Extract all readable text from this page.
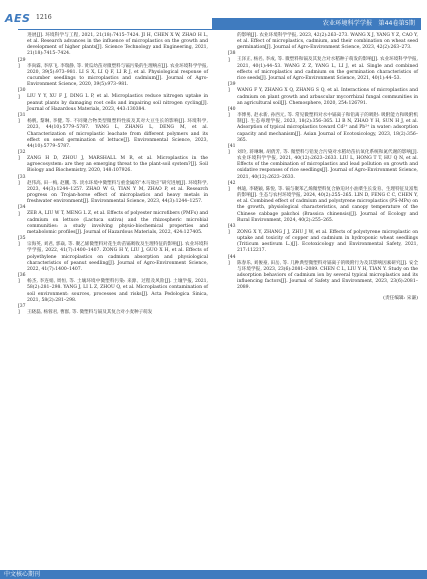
AES 1216
农业环境科学学报　第44卷第5期

进展[J]. 环境科学与工程, 2021, 21(18):7415–7424. JI H, CHEN X W, ZHAO H L, et al. Research advances in the influence of microplastics on the growth and development of higher plants[J]. Science Technology and Engineering, 2021, 21(18):7415–7424.

[29] 李尚霖, 李厚飞, 李瑞静, 等. 黄瓜幼苗对微塑料与镉污染的生理响应[J]. 农业环境科学学报, 2020, 39(5):973–981. LI S X, LI Q F, LI R J, et al. Physiological response of cucumber seedlings to microplastics and cadmium[J]. Journal of Agro-Environment Science, 2020, 39(5):973–981.

[30] LIU Y Y, XU F J, DING L P, et al. Microplastics reduce nitrogen uptake in peanut plants by damaging root cells and impairing soil nitrogen cycling[J]. Journal of Hazardous Materials, 2023, 443:130384.

[31] 杨帆, 黎琳, 李健, 等. 不同聚合物类型微塑料性质及其对大豆生长的影响[J]. 环境科学, 2023, 44(10):5779–5787. YANG L, ZHANG L, DENG M, et al. Characterization of microplastic leachate from different polymers and its effect on seed germination of lettuce[J]. Environmental Science, 2023, 44(10):5779–5787.

[32] ZANG H D, ZHOU J, MARSHALL M R, et al. Microplastics in the agroecosystem: are they an emerging threat to the plant-soil system?[J]. Soil Biology and Biochemistry, 2020, 148:107926.

[33] 赵伟高, 田一梅, 赵鹏, 等. 淡水环境中微塑料与重金属的“木马效应”研究进展[J]. 环境科学, 2023, 44(3):1244–1257. ZHAO W G, TIAN Y M, ZHAO P, et al. Research progress on Trojan-horse effect of microplastics and heavy metals in freshwater environment[J]. Environmental Science, 2023, 44(3):1244–1257.

[34] ZEB A, LIU W T, MENG L Z, et al. Effects of polyester microfibers (PMFs) and cadmium on lettuce (Lactuca sativa) and the rhizospheric microbial communities: a study involving physio-biochemical properties and metabolomic profiles[J]. Journal of Hazardous Materials, 2022, 424:127405.

[35] 宗海英, 刘君, 郭焱, 等. 聚乙烯微塑料对花生幼苗镉吸收及生理特征的影响[J]. 农业环境科学学报, 2022, 41(7):1400–1407. ZONG H Y, LIU J, GUO X H, et al. Effects of polyethylene microplastics on cadmium absorption and physiological characteristics of peanut seedling[J]. Journal of Agro-Environment Science, 2022, 41(7):1400–1407.

[36] 杨杰, 李连娟, 周恒, 等. 土壤环境中微塑料污染: 来源、过程及风险[J]. 土壤学报, 2021, 58(2):281–298. YANG J, LI L Z, ZHOU Q, et al. Microplastics contamination of soil environment: sources, processes and risks[J]. Acta Pedologica Sinica, 2021, 58(2):281–298.

[37] 王晓磊, 杨蓉君, 曹群, 等. 微塑料与镉及其复合对小麦种子萌发

的影响[J]. 农业环境科学学报, 2023, 42(2):263–273. WANG X J, YANG Y Z, CAO Y, et al. Effect of microplastics, cadmium, and their combination on wheat seed germination[J]. Journal of Agro-Environment Science, 2023, 42(2):263–273.

[38] 王泽正, 杨名, 李成, 等. 微塑料和镉及其复合对水稻种子萌发的影响[J]. 农业环境科学学报, 2021, 40(1):44–53. WANG Z Z, YANG L, LI J, et al. Single and combined effects of microplastics and cadmium on the germination characteristics of rice seeds[J]. Journal of Agro-Environment Science, 2021, 40(1):44–53.

[39] WANG F Y, ZHANG X Q, ZHANG S Q, et al. Interactions of microplastics and cadmium on plant growth and arbuscular mycorrhizal fungal communities in an agricultural soil[J]. Chemosphere, 2020, 254:126791.

[40] 李博男, 赵永新, 孙西元, 等. 常见微塑料对水中镉离子和铅离子的吸附: 吸附能力和吸附机制[J]. 生态毒理学报, 2023, 18(2):356–365. LI B N, ZHAO Y H, SUN H J, et al. Adsorption of typical microplastics toward Cd²⁺ and Pb²⁺ in water: adsorption capacity and mechanism[J]. Asian Journal of Ecotoxicology, 2023, 18(2):356–365.

[41] 刘玲, 蒋琳琳, 胡倩芳, 等. 微塑料与铅复合污染对水稻幼苗抗氧化系统和氮代谢的影响[J]. 农业环境科学学报, 2021, 40(12):2623–2633. LIU L, HONG T T, HU Q N, et al. Effects of the combination of microplastics and lead pollution on growth and oxidative responses of rice seedlings[J]. Journal of Agro-Environment Science, 2021, 40(12):2623–2633.

[42] 林迪, 李晓颖, 陈悦, 等. 镉与聚苯乙烯微塑料复合胁迫对小油菜生长发育、生理特征及富集的影响[J]. 生态与农村环境学报, 2024, 40(2):255–265. LIN D, FENG C C, CHEN Y, et al. Combined effect of cadmium and polystyrene microplastics (PS-MPs) on the growth, physiological characteristics, and canopy temperature of the Chinese cabbage pakchoi (Brassica chinensis)[J]. Journal of Ecology and Rural Environment, 2024, 40(2):255–265.

[43] ZONG X Y, ZHANG J J, ZHU J W, et al. Effects of polystyrene microplastic on uptake and toxicity of copper and cadmium in hydroponic wheat seedlings (Triticum aestivum L.)[J]. Ecotoxicology and Environmental Safety, 2021, 217:112217.

[44] 陈春乐, 刘俊豪, 田岳, 等. 几种典型微塑料对镉离子的吸附行为及其影响因素研究[J]. 安全与环境学报, 2023, 23(6):2081–2089. CHEN C L, LIU Y H, TIAN Y. Study on the adsorption behaviors of cadmium ion by several typical microplastics and its influencing factors[J]. Journal of Safety and Environment, 2023, 23(6):2081–2089.

(责任编辑: 宋谦)
中文核心期刊
